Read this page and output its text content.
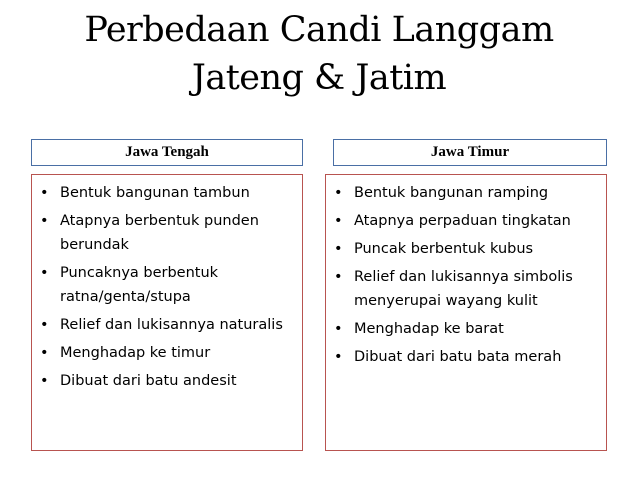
Perbedaan Candi Langgam
Jateng & Jatim
Jawa Tengah	Jawa Timur
• Bentuk bangunan tambun
• Atapnya berbentuk punden berundak
• Puncaknya berbentuk ratna/genta/stupa
• Relief dan lukisannya naturalis
• Menghadap ke timur
• Dibuat dari batu andesit
• Bentuk bangunan ramping
• Atapnya perpaduan tingkatan
• Puncak berbentuk kubus
• Relief dan lukisannya simbolis menyerupai wayang kulit
• Menghadap ke barat
• Dibuat dari batu bata merah
